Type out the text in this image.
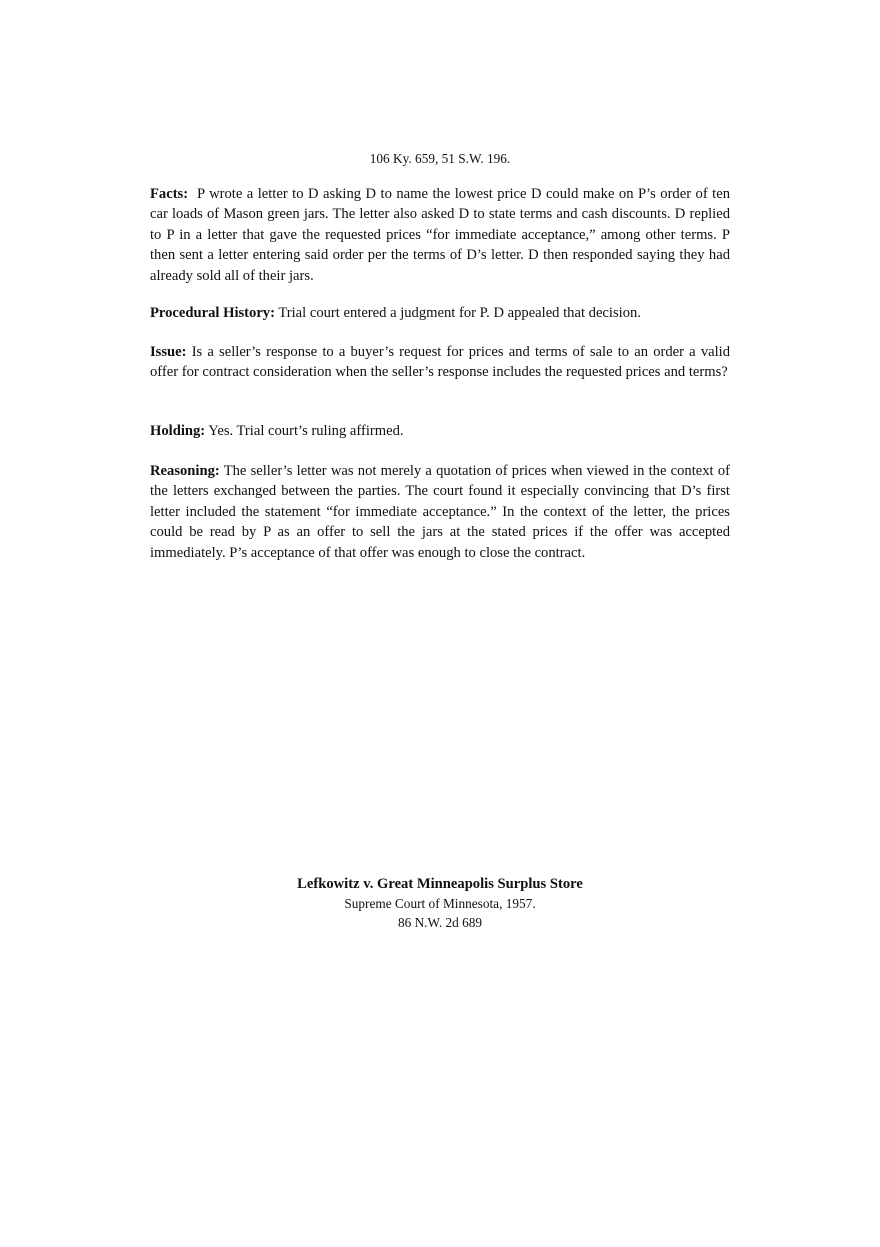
106 Ky. 659, 51 S.W. 196.

Facts: P wrote a letter to D asking D to name the lowest price D could make on P’s order of ten car loads of Mason green jars. The letter also asked D to state terms and cash discounts. D replied to P in a letter that gave the requested prices “for immediate acceptance,” among other terms. P then sent a letter entering said order per the terms of D’s letter. D then responded saying they had already sold all of their jars.

Procedural History: Trial court entered a judgment for P. D appealed that decision.

Issue: Is a seller’s response to a buyer’s request for prices and terms of sale to an order a valid offer for contract consideration when the seller’s response includes the requested prices and terms?

Holding: Yes. Trial court’s ruling affirmed.

Reasoning: The seller’s letter was not merely a quotation of prices when viewed in the context of the letters exchanged between the parties. The court found it especially convincing that D’s first letter included the statement “for immediate acceptance.” In the context of the letter, the prices could be read by P as an offer to sell the jars at the stated prices if the offer was accepted immediately. P’s acceptance of that offer was enough to close the contract.

Lefkowitz v. Great Minneapolis Surplus Store
Supreme Court of Minnesota, 1957.
86 N.W. 2d 689
